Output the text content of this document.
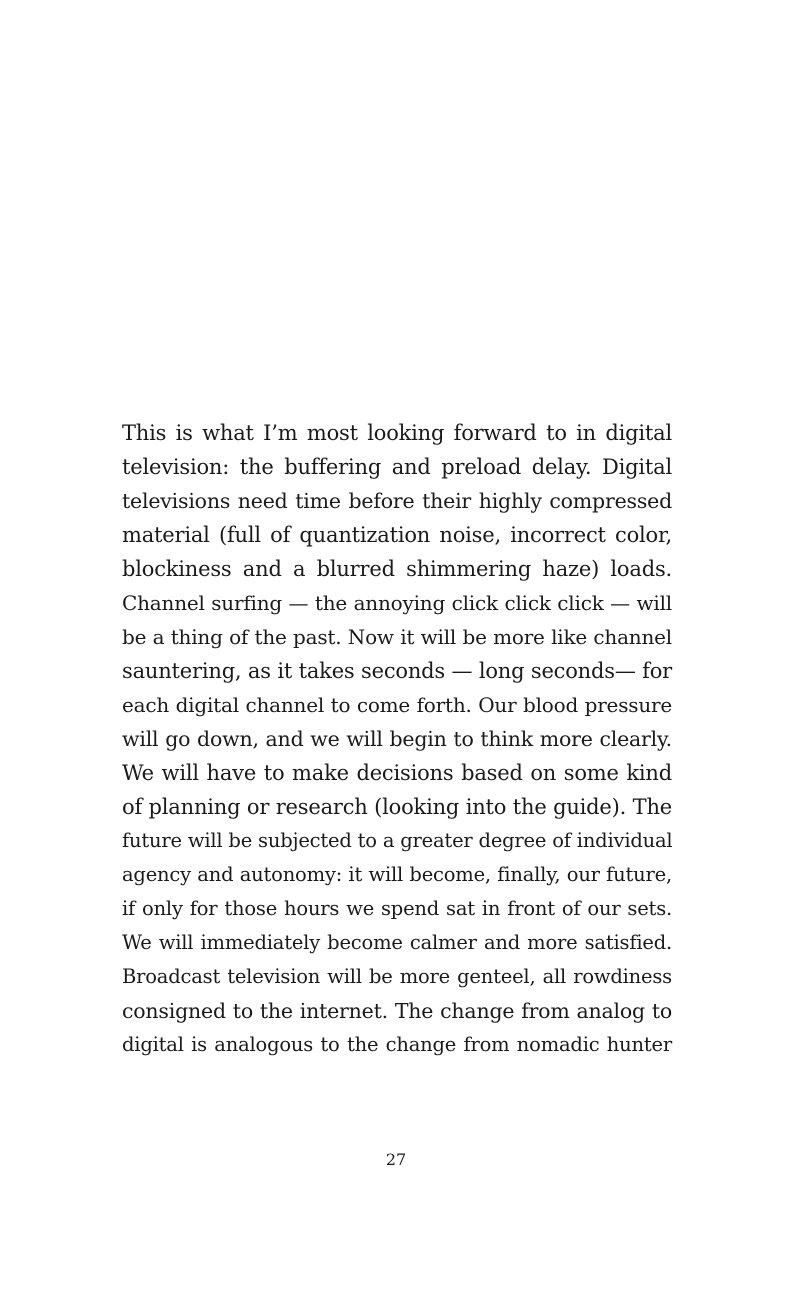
This is what I’m most looking forward to in digital
television: the buffering and preload delay. Digital
televisions need time before their highly compressed
material (full of quantization noise, incorrect color,
blockiness and a blurred shimmering haze) loads.
Channel surfing — the annoying click click click — will
be a thing of the past. Now it will be more like channel
sauntering, as it takes seconds — long seconds— for
each digital channel to come forth. Our blood pressure
will go down, and we will begin to think more clearly.
We will have to make decisions based on some kind
of planning or research (looking into the guide). The
future will be subjected to a greater degree of individual
agency and autonomy: it will become, finally, our future,
if only for those hours we spend sat in front of our sets.
We will immediately become calmer and more satisfied.
Broadcast television will be more genteel, all rowdiness
consigned to the internet. The change from analog to
digital is analogous to the change from nomadic hunter
27
